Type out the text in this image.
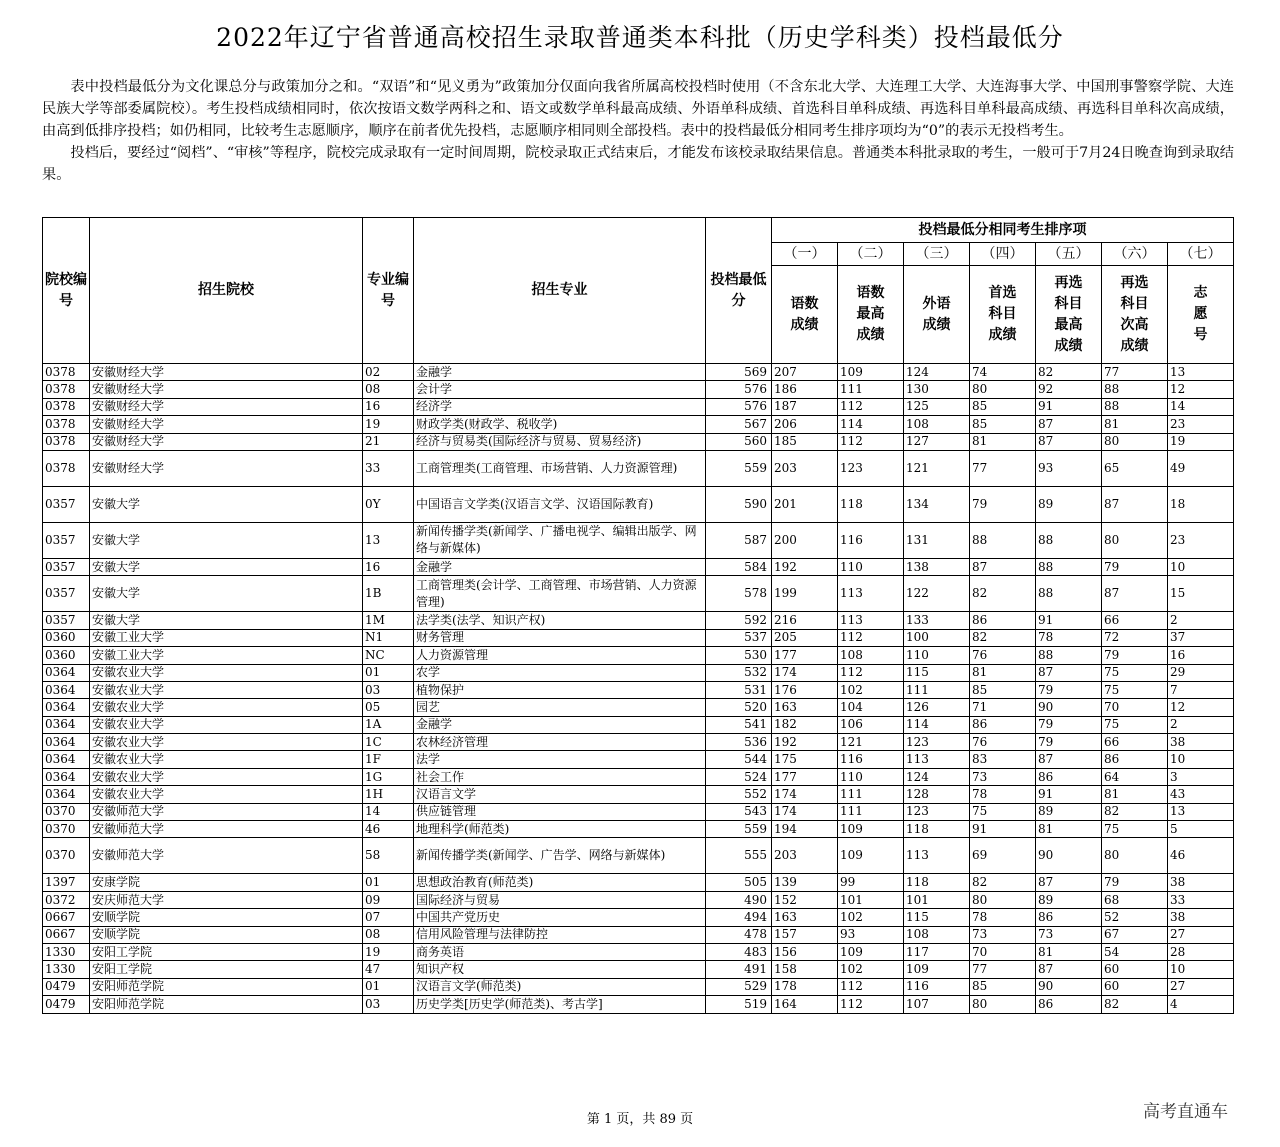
2022年辽宁省普通高校招生录取普通类本科批（历史学科类）投档最低分

表中投档最低分为文化课总分与政策加分之和。“双语”和“见义勇为”政策加分仅面向我省所属高校投档时使用（不含东北大学、大连理工大学、大连海事大学、中国刑事警察学院、大连民族大学等部委属院校）。考生投档成绩相同时，依次按语文数学两科之和、语文或数学单科最高成绩、外语单科成绩、首选科目单科成绩、再选科目单科最高成绩、再选科目单科次高成绩，由高到低排序投档；如仍相同，比较考生志愿顺序，顺序在前者优先投档，志愿顺序相同则全部投档。表中的投档最低分相同考生排序项均为“0”的表示无投档考生。

投档后，要经过“阅档”、“审核”等程序，院校完成录取有一定时间周期，院校录取正式结束后，才能发布该校录取结果信息。普通类本科批录取的考生，一般可于7月24日晚查询到录取结果。

院校编号	招生院校	专业编号	招生专业	投档最低分	投档最低分相同考生排序项						
					（一）	（二）	（三）	（四）	（五）	（六）	（七）
					语数成绩	语数最高成绩	外语成绩	首选科目成绩	再选科目最高成绩	再选科目次高成绩	志愿号
0378	安徽财经大学	02	金融学	569	207	109	124	74	82	77	13
0378	安徽财经大学	08	会计学	576	186	111	130	80	92	88	12
0378	安徽财经大学	16	经济学	576	187	112	125	85	91	88	14
0378	安徽财经大学	19	财政学类(财政学、税收学)	567	206	114	108	85	87	81	23
0378	安徽财经大学	21	经济与贸易类(国际经济与贸易、贸易经济)	560	185	112	127	81	87	80	19
0378	安徽财经大学	33	工商管理类(工商管理、市场营销、人力资源管理)	559	203	123	121	77	93	65	49
0357	安徽大学	0Y	中国语言文学类(汉语言文学、汉语国际教育)	590	201	118	134	79	89	87	18
0357	安徽大学	13	新闻传播学类(新闻学、广播电视学、编辑出版学、网络与新媒体)	587	200	116	131	88	88	80	23
0357	安徽大学	16	金融学	584	192	110	138	87	88	79	10
0357	安徽大学	1B	工商管理类(会计学、工商管理、市场营销、人力资源管理)	578	199	113	122	82	88	87	15
0357	安徽大学	1M	法学类(法学、知识产权)	592	216	113	133	86	91	66	2
0360	安徽工业大学	N1	财务管理	537	205	112	100	82	78	72	37
0360	安徽工业大学	NC	人力资源管理	530	177	108	110	76	88	79	16
0364	安徽农业大学	01	农学	532	174	112	115	81	87	75	29
0364	安徽农业大学	03	植物保护	531	176	102	111	85	79	75	7
0364	安徽农业大学	05	园艺	520	163	104	126	71	90	70	12
0364	安徽农业大学	1A	金融学	541	182	106	114	86	79	75	2
0364	安徽农业大学	1C	农林经济管理	536	192	121	123	76	79	66	38
0364	安徽农业大学	1F	法学	544	175	116	113	83	87	86	10
0364	安徽农业大学	1G	社会工作	524	177	110	124	73	86	64	3
0364	安徽农业大学	1H	汉语言文学	552	174	111	128	78	91	81	43
0370	安徽师范大学	14	供应链管理	543	174	111	123	75	89	82	13
0370	安徽师范大学	46	地理科学(师范类)	559	194	109	118	91	81	75	5
0370	安徽师范大学	58	新闻传播学类(新闻学、广告学、网络与新媒体)	555	203	109	113	69	90	80	46
1397	安康学院	01	思想政治教育(师范类)	505	139	99	118	82	87	79	38
0372	安庆师范大学	09	国际经济与贸易	490	152	101	101	80	89	68	33
0667	安顺学院	07	中国共产党历史	494	163	102	115	78	86	52	38
0667	安顺学院	08	信用风险管理与法律防控	478	157	93	108	73	73	67	27
1330	安阳工学院	19	商务英语	483	156	109	117	70	81	54	28
1330	安阳工学院	47	知识产权	491	158	102	109	77	87	60	10
0479	安阳师范学院	01	汉语言文学(师范类)	529	178	112	116	85	90	60	27
0479	安阳师范学院	03	历史学类[历史学(师范类)、考古学]	519	164	112	107	80	86	82	4
第 1 页，共 89 页	高考直通车
